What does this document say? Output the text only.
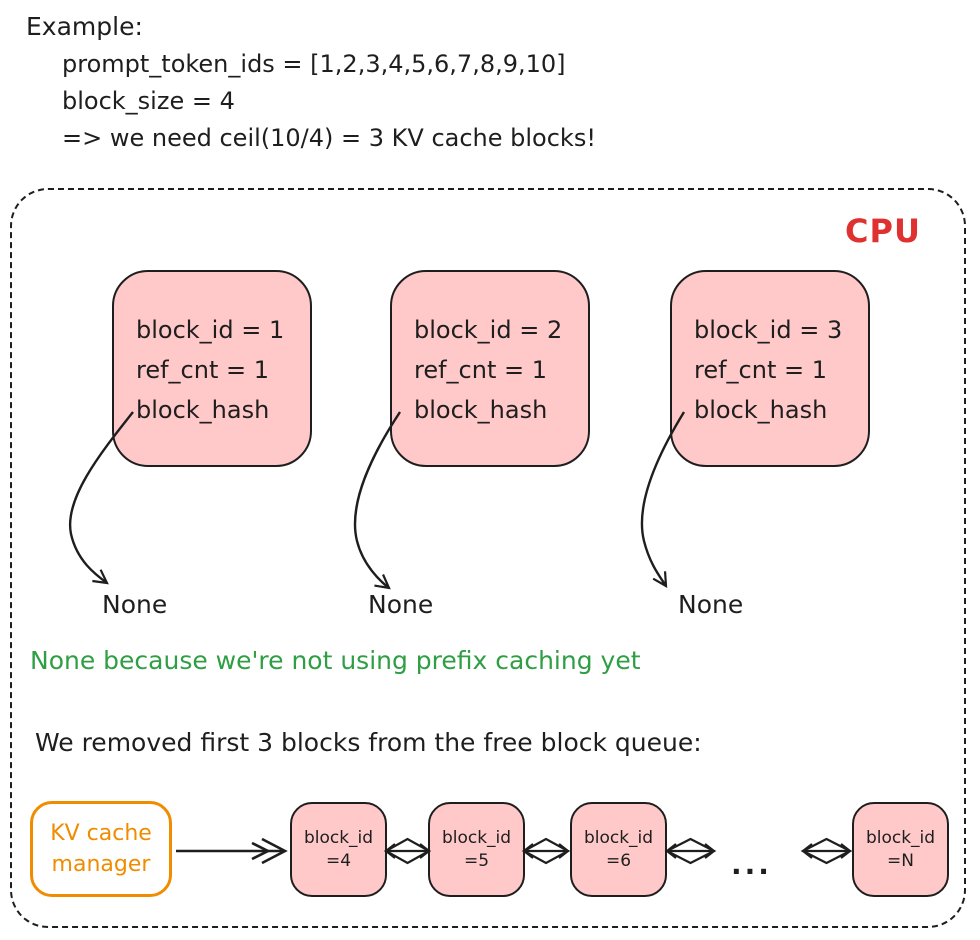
Example:
prompt_token_ids = [1,2,3,4,5,6,7,8,9,10]
block_size = 4
=> we need ceil(10/4) = 3 KV cache blocks!
CPU
block_id = 1
ref_cnt = 1
block_hash
block_id = 2
ref_cnt = 1
block_hash
block_id = 3
ref_cnt = 1
block_hash
None	None	None
None because we're not using prefix caching yet
We removed first 3 blocks from the free block queue:
KV cache
manager
block_id
=4
block_id
=5
block_id
=6
block_id
=N
...
